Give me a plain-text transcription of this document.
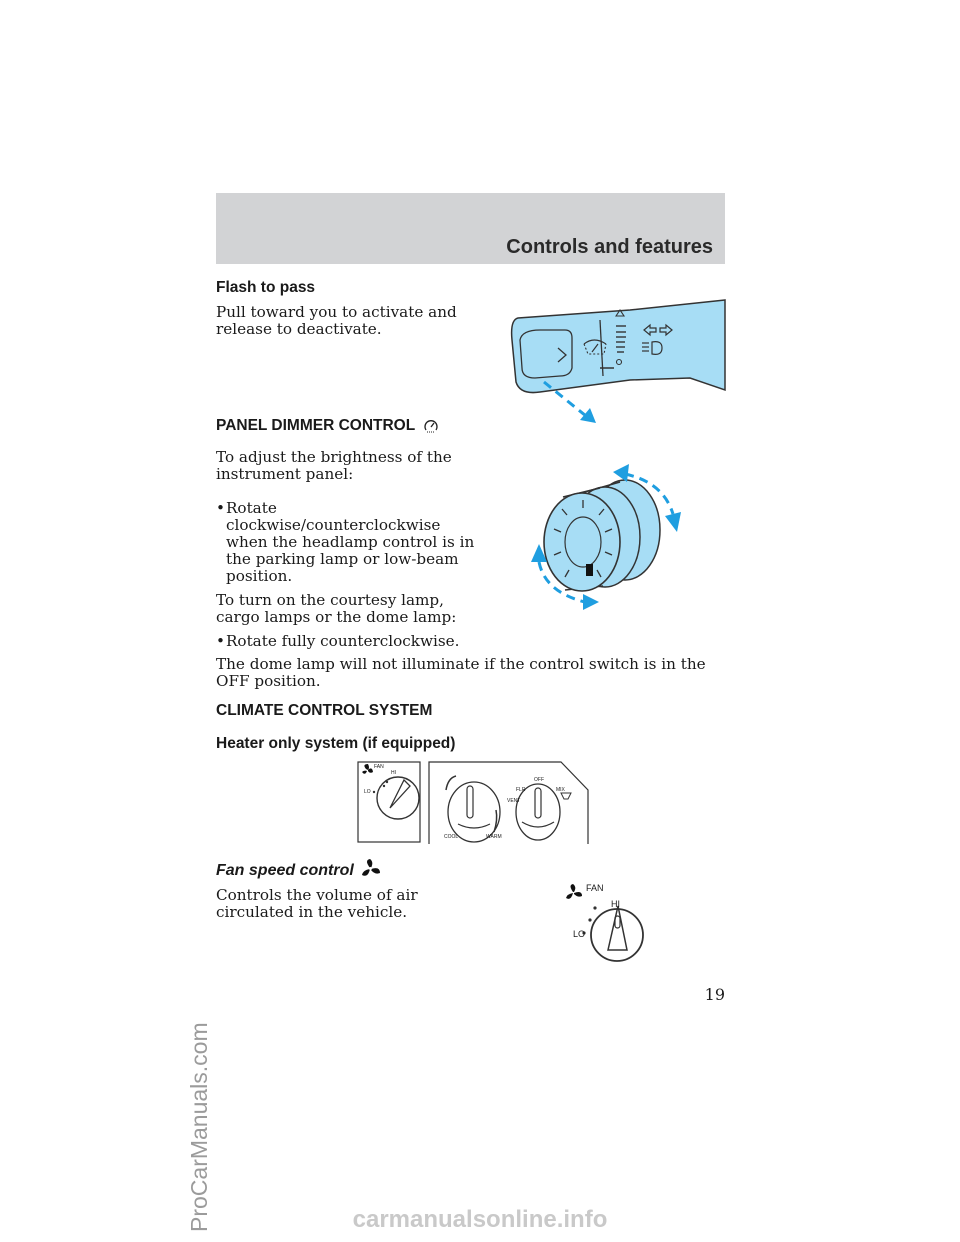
Controls and features
Flash to pass
Pull toward you to activate and release to deactivate.
PANEL DIMMER CONTROL
To adjust the brightness of the instrument panel:
• Rotate clockwise/counterclockwise when the headlamp control is in the parking lamp or low-beam position.
To turn on the courtesy lamp, cargo lamps or the dome lamp:
• Rotate fully counterclockwise.
The dome lamp will not illuminate if the control switch is in the OFF position.
CLIMATE CONTROL SYSTEM
Heater only system (if equipped)
FAN
HI
LO
COOL	WARM
OFF
FLR	MIX
VENT
Fan speed control
Controls the volume of air circulated in the vehicle.
FAN
HI
LO
19
ProCarManuals.com	carmanualsonline.info
